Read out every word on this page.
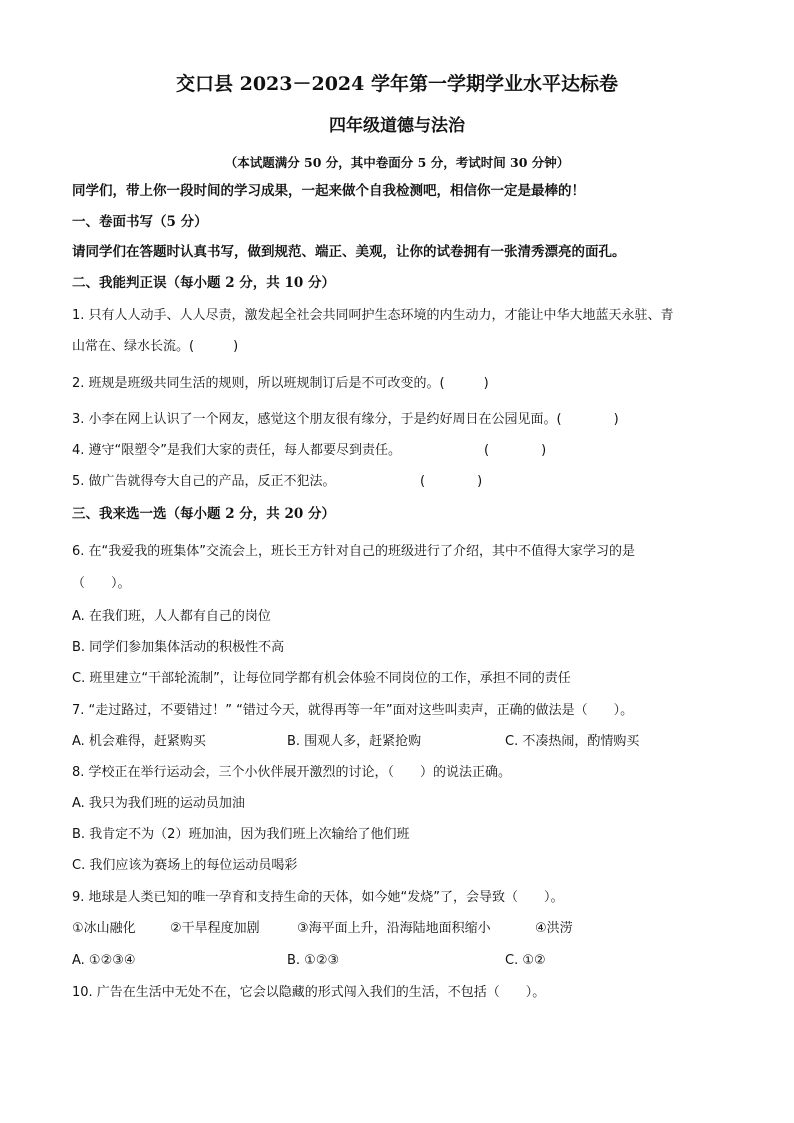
交口县 2023－2024 学年第一学期学业水平达标卷
四年级道德与法治
（本试题满分 50 分，其中卷面分 5 分，考试时间 30 分钟）
同学们，带上你一段时间的学习成果，一起来做个自我检测吧，相信你一定是最棒的！
一、卷面书写（5 分）
请同学们在答题时认真书写，做到规范、端正、美观，让你的试卷拥有一张清秀漂亮的面孔。
二、我能判正误（每小题 2 分，共 10 分）
1. 只有人人动手、人人尽责，激发起全社会共同呵护生态环境的内生动力，才能让中华大地蓝天永驻、青
山常在、绿水长流。(　　　)
2. 班规是班级共同生活的规则，所以班规制订后是不可改变的。(　　　)
3. 小李在网上认识了一个网友，感觉这个朋友很有缘分，于是约好周日在公园见面。(　　　　)
4. 遵守“限塑令”是我们大家的责任，每人都要尽到责任。	(　　　　)
5. 做广告就得夸大自己的产品，反正不犯法。	(　　　　)
三、我来选一选（每小题 2 分，共 20 分）
6. 在“我爱我的班集体”交流会上，班长王方针对自己的班级进行了介绍，其中不值得大家学习的是
（　　）。
A. 在我们班，人人都有自己的岗位
B. 同学们参加集体活动的积极性不高
C. 班里建立“干部轮流制”，让每位同学都有机会体验不同岗位的工作，承担不同的责任
7. “走过路过，不要错过！” “错过今天，就得再等一年”面对这些叫卖声，正确的做法是（　　）。
A. 机会难得，赶紧购买	B. 围观人多，赶紧抢购	C. 不凑热闹，酌情购买
8. 学校正在举行运动会，三个小伙伴展开激烈的讨论，（　　）的说法正确。
A. 我只为我们班的运动员加油
B. 我肯定不为（2）班加油，因为我们班上次输给了他们班
C. 我们应该为赛场上的每位运动员喝彩
9. 地球是人类已知的唯一孕育和支持生命的天体，如今她“发烧”了，会导致（　　）。
①冰山融化	②干旱程度加剧	③海平面上升，沿海陆地面积缩小	④洪涝
A. ①②③④	B. ①②③	C. ①②
10. 广告在生活中无处不在，它会以隐藏的形式闯入我们的生活，不包括（　　）。
